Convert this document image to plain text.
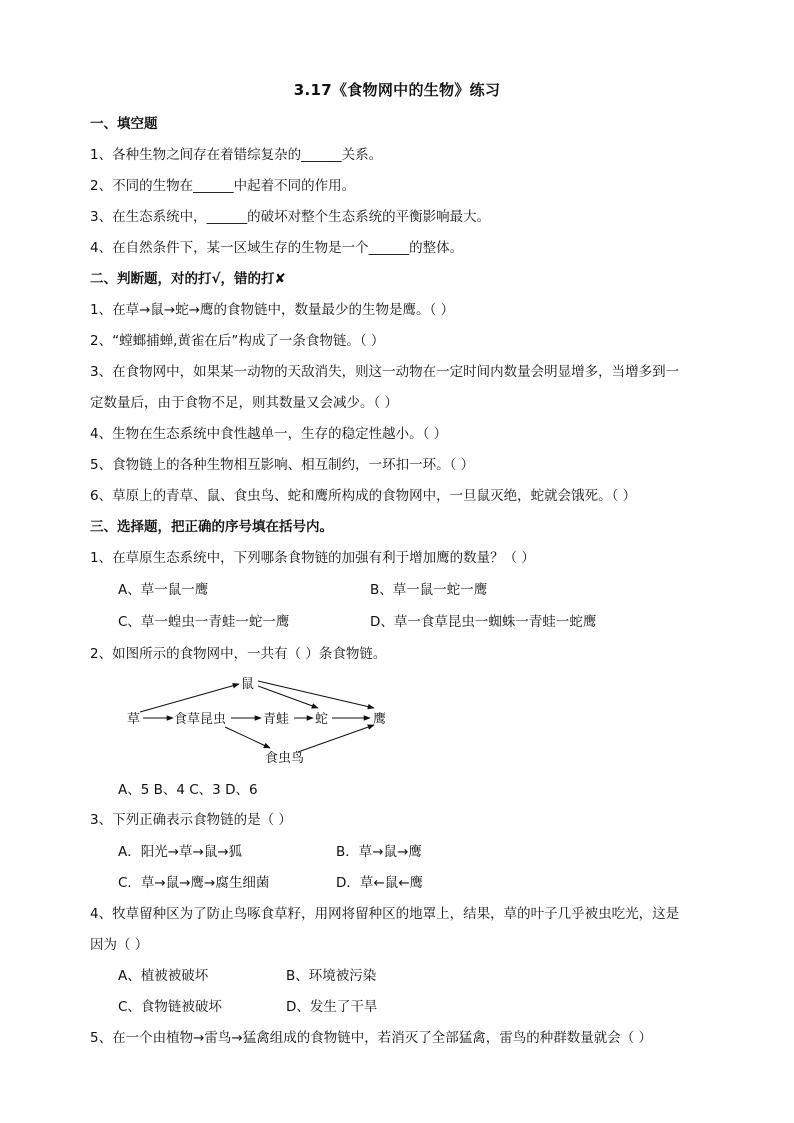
3.17《食物网中的生物》练习
一、填空题
1、各种生物之间存在着错综复杂的______关系。
2、不同的生物在______中起着不同的作用。
3、在生态系统中，______的破坏对整个生态系统的平衡影响最大。
4、在自然条件下，某一区域生存的生物是一个______的整体。
二、判断题，对的打√，错的打✘
1、在草→鼠→蛇→鹰的食物链中，数量最少的生物是鹰。（ ）
2、“螳螂捕蝉,黄雀在后”构成了一条食物链。（ ）
3、在食物网中，如果某一动物的天敌消失，则这一动物在一定时间内数量会明显增多，当增多到一
定数量后，由于食物不足，则其数量又会减少。（ ）
4、生物在生态系统中食性越单一，生存的稳定性越小。（ ）
5、食物链上的各种生物相互影响、相互制约，一环扣一环。（ ）
6、草原上的青草、鼠、食虫鸟、蛇和鹰所构成的食物网中，一旦鼠灭绝，蛇就会饿死。（ ）
三、选择题，把正确的序号填在括号内。
1、在草原生态系统中，下列哪条食物链的加强有利于增加鹰的数量？（ ）
A、草一鼠一鹰	B、草一鼠一蛇一鹰
C、草一蝗虫一青蛙一蛇一鹰	D、草一食草昆虫一蜘蛛一青蛙一蛇鹰
2、如图所示的食物网中，一共有（ ）条食物链。
草	食草昆虫	青蛙 蛇	鹰
鼠
食虫鸟
A、5 B、4 C、3 D、6
3、下列正确表示食物链的是（ ）
A．阳光→草→鼠→狐	B．草→鼠→鹰
C．草→鼠→鹰→腐生细菌	D．草←鼠←鹰
4、牧草留种区为了防止鸟啄食草籽，用网将留种区的地罩上，结果，草的叶子几乎被虫吃光，这是
因为（ ）
A、植被被破坏	B、环境被污染
C、食物链被破坏	D、发生了干旱
5、在一个由植物→雷鸟→猛禽组成的食物链中，若消灭了全部猛禽，雷鸟的种群数量就会（ ）
